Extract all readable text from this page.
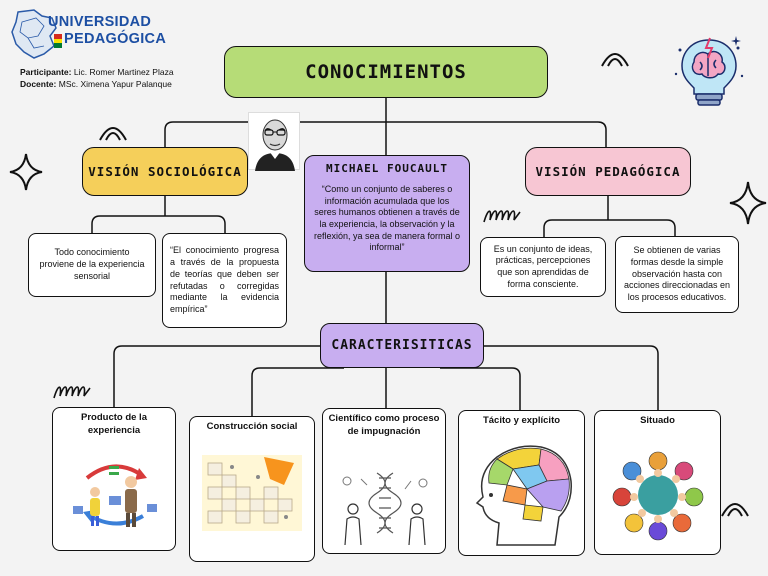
UNIVERSIDAD
PEDAGÓGICA
Participante: Lic. Romer Martinez Plaza
Docente: MSc. Ximena Yapur Palanque
CONOCIMIENTOS
VISIÓN SOCIOLÓGICA
Todo conocimiento proviene de la experiencia sensorial
“El conocimiento progresa a través de la propuesta de teorías que deben ser refutadas o corregidas mediante la evidencia empírica”
MICHAEL FOUCAULT
“Como un conjunto de saberes o información acumulada que los seres humanos obtienen a través de la experiencia, la observación y la reflexión, ya sea de manera formal o informal”
VISIÓN PEDAGÓGICA
Es un conjunto de ideas, prácticas, percepciones que son aprendidas de forma consciente.
Se obtienen de varias formas desde la simple observación hasta con acciones direccionadas en los procesos educativos.
CARACTERISITICAS
Producto de la experiencia	Construcción social
Científico como proceso de impugnación
Tácito y explícito	Situado
